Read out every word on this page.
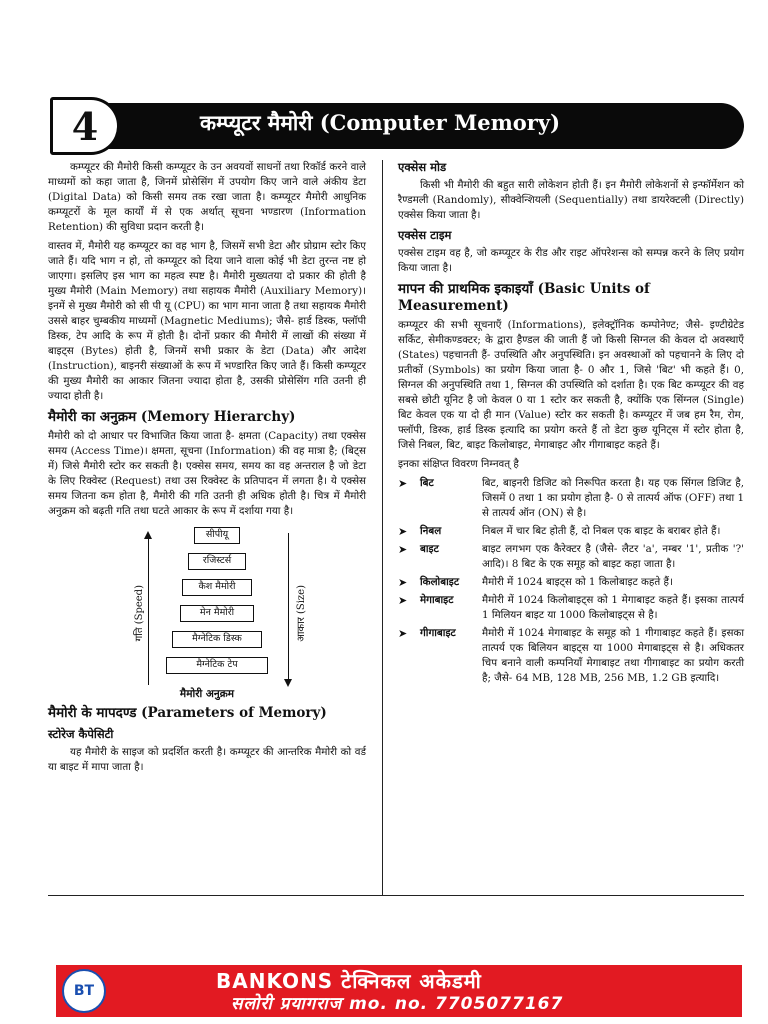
4	कम्प्यूटर मैमोरी (Computer Memory)

कम्प्यूटर की मैमोरी किसी कम्प्यूटर के उन अवयवों साधनों तथा रिकॉर्ड करने वाले माध्यमों को कहा जाता है, जिनमें प्रोसेसिंग में उपयोग किए जाने वाले अंकीय डेटा (Digital Data) को किसी समय तक रखा जाता है। कम्प्यूटर मैमोरी आधुनिक कम्प्यूटरों के मूल कार्यों में से एक अर्थात् सूचना भण्डारण (Information Retention) की सुविधा प्रदान करती है।

वास्तव में, मैमोरी यह कम्प्यूटर का वह भाग है, जिसमें सभी डेटा और प्रोग्राम स्टोर किए जाते हैं। यदि भाग न हो, तो कम्प्यूटर को दिया जाने वाला कोई भी डेटा तुरन्त नष्ट हो जाएगा। इसलिए इस भाग का महत्व स्पष्ट है। मैमोरी मुख्यतया दो प्रकार की होती है मुख्य मैमोरी (Main Memory) तथा सहायक मैमोरी (Auxiliary Memory)। इनमें से मुख्य मैमोरी को सी पी यू (CPU) का भाग माना जाता है तथा सहायक मैमोरी उससे बाहर चुम्बकीय माध्यमों (Magnetic Mediums); जैसे- हार्ड डिस्क, फ्लॉपी डिस्क, टेप आदि के रूप में होती है। दोनों प्रकार की मैमोरी में लाखों की संख्या में बाइट्स (Bytes) होती है, जिनमें सभी प्रकार के डेटा (Data) और आदेश (Instruction), बाइनरी संख्याओं के रूप में भण्डारित किए जाते हैं। किसी कम्प्यूटर की मुख्य मैमोरी का आकार जितना ज्यादा होता है, उसकी प्रोसेसिंग गति उतनी ही ज्यादा होती है।

मैमोरी का अनुक्रम (Memory Hierarchy)

मैमोरी को दो आधार पर विभाजित किया जाता है- क्षमता (Capacity) तथा एक्सेस समय (Access Time)। क्षमता, सूचना (Information) की वह मात्रा है; (बिट्स में) जिसे मैमोरी स्टोर कर सकती है। एक्सेस समय, समय का वह अन्तराल है जो डेटा के लिए रिक्वेस्ट (Request) तथा उस रिक्वेस्ट के प्रतिपादन में लगता है। ये एक्सेस समय जितना कम होता है, मैमोरी की गति उतनी ही अधिक होती है। चित्र में मैमोरी अनुक्रम को बढ़ती गति तथा घटते आकार के रूप में दर्शाया गया है।

गति (Speed)	आकार (Size)
सीपीयू
रजिस्टर्स
कैश मैमोरी
मेन मैमोरी
मैग्नेटिक डिस्क
मैग्नेटिक टेप
मैमोरी अनुक्रम
मैमोरी के मापदण्ड (Parameters of Memory)
स्टोरेज कैपेसिटी

यह मैमोरी के साइज को प्रदर्शित करती है। कम्प्यूटर की आन्तरिक मैमोरी को वर्ड या बाइट में मापा जाता है।

एक्सेस मोड

किसी भी मैमोरी की बहुत सारी लोकेशन होती हैं। इन मैमोरी लोकेशनों से इन्फॉर्मेशन को रैण्डमली (Randomly), सीक्वेन्शियली (Sequentially) तथा डायरेक्टली (Directly) एक्सेस किया जाता है।

एक्सेस टाइम

एक्सेस टाइम वह है, जो कम्प्यूटर के रीड और राइट ऑपरेशन्स को सम्पन्न करने के लिए प्रयोग किया जाता है।

मापन की प्राथमिक इकाइयाँ (Basic Units of Measurement)

कम्प्यूटर की सभी सूचनाएँ (Informations), इलेक्ट्रॉनिक कम्पोनेण्ट; जैसे- इण्टीग्रेटेड सर्किट, सेमीकण्डक्टर; के द्वारा हैण्डल की जाती हैं जो किसी सिग्नल की केवल दो अवस्थाएँ (States) पहचानती हैं- उपस्थिति और अनुपस्थिति। इन अवस्थाओं को पहचानने के लिए दो प्रतीकों (Symbols) का प्रयोग किया जाता है- 0 और 1, जिसे 'बिट' भी कहते हैं। 0, सिग्नल की अनुपस्थिति तथा 1, सिग्नल की उपस्थिति को दर्शाता है। एक बिट कम्प्यूटर की वह सबसे छोटी यूनिट है जो केवल 0 या 1 स्टोर कर सकती है, क्योंकि एक सिंग्नल (Single) बिट केवल एक या दो ही मान (Value) स्टोर कर सकती है। कम्प्यूटर में जब हम रैम, रोम, फ्लॉपी, डिस्क, हार्ड डिस्क इत्यादि का प्रयोग करते हैं तो डेटा कुछ यूनिट्स में स्टोर होता है, जिसे निबल, बिट, बाइट किलोबाइट, मेगाबाइट और गीगाबाइट कहते हैं।

इनका संक्षिप्त विवरण निम्नवत् है

➤	बिट	बिट, बाइनरी डिजिट को निरूपित करता है। यह एक सिंगल डिजिट है, जिसमें 0 तथा 1 का प्रयोग होता है- 0 से तात्पर्य ऑफ (OFF) तथा 1 से तात्पर्य ऑन (ON) से है।
➤	निबल	निबल में चार बिट होती हैं, दो निबल एक बाइट के बराबर होते हैं।
➤	बाइट	बाइट लगभग एक कैरेक्टर है (जैसे- लैटर 'a', नम्बर '1', प्रतीक '?' आदि)। 8 बिट के एक समूह को बाइट कहा जाता है।
➤	किलोबाइट	मैमोरी में 1024 बाइट्स को 1 किलोबाइट कहते हैं।
➤	मेगाबाइट	मैमोरी में 1024 किलोबाइट्स को 1 मेगाबाइट कहते हैं। इसका तात्पर्य 1 मिलियन बाइट या 1000 किलोबाइट्स से है।
➤	गीगाबाइट	मैमोरी में 1024 मेगाबाइट के समूह को 1 गीगाबाइट कहते हैं। इसका तात्पर्य एक बिलियन बाइट्स या 1000 मेगाबाइट्स से है। अधिकतर चिप बनाने वाली कम्पनियाँ मेगाबाइट तथा गीगाबाइट का प्रयोग करती है; जैसे- 64 MB, 128 MB, 256 MB, 1.2 GB इत्यादि।
BT	BANKONS टेक्निकल अकेडमी
सलोरी प्रयागराज mo. no. 7705077167
